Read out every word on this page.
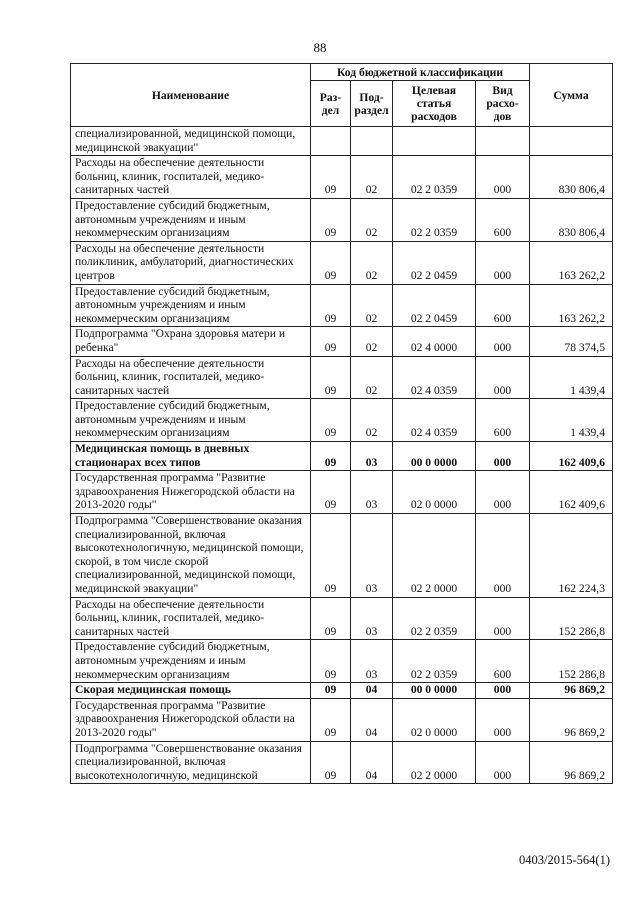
88
Наименование	Код бюджетной классификации				Сумма
	Раз-дел	Под-раздел	Целевая статья расходов	Вид расхо-дов	
специализированной, медицинской помощи, медицинской эвакуации"					
Расходы на обеспечение деятельности больниц, клиник, госпиталей, медико-санитарных частей	09	02	02 2 0359	000	830 806,4
Предоставление субсидий бюджетным, автономным учреждениям и иным некоммерческим организациям	09	02	02 2 0359	600	830 806,4
Расходы на обеспечение деятельности поликлиник, амбулаторий, диагностических центров	09	02	02 2 0459	000	163 262,2
Предоставление субсидий бюджетным, автономным учреждениям и иным некоммерческим организациям	09	02	02 2 0459	600	163 262,2
Подпрограмма "Охрана здоровья матери и ребенка"	09	02	02 4 0000	000	78 374,5
Расходы на обеспечение деятельности больниц, клиник, госпиталей, медико-санитарных частей	09	02	02 4 0359	000	1 439,4
Предоставление субсидий бюджетным, автономным учреждениям и иным некоммерческим организациям	09	02	02 4 0359	600	1 439,4
Медицинская помощь в дневных стационарах всех типов	09	03	00 0 0000	000	162 409,6
Государственная программа "Развитие здравоохранения Нижегородской области на 2013-2020 годы"	09	03	02 0 0000	000	162 409,6
Подпрограмма "Совершенствование оказания специализированной, включая высокотехнологичную, медицинской помощи, скорой, в том числе скорой специализированной, медицинской помощи, медицинской эвакуации"	09	03	02 2 0000	000	162 224,3
Расходы на обеспечение деятельности больниц, клиник, госпиталей, медико-санитарных частей	09	03	02 2 0359	000	152 286,8
Предоставление субсидий бюджетным, автономным учреждениям и иным некоммерческим организациям	09	03	02 2 0359	600	152 286,8
Скорая медицинская помощь	09	04	00 0 0000	000	96 869,2
Государственная программа "Развитие здравоохранения Нижегородской области на 2013-2020 годы"	09	04	02 0 0000	000	96 869,2
Подпрограмма "Совершенствование оказания специализированной, включая высокотехнологичную, медицинской	09	04	02 2 0000	000	96 869,2
0403/2015-564(1)
